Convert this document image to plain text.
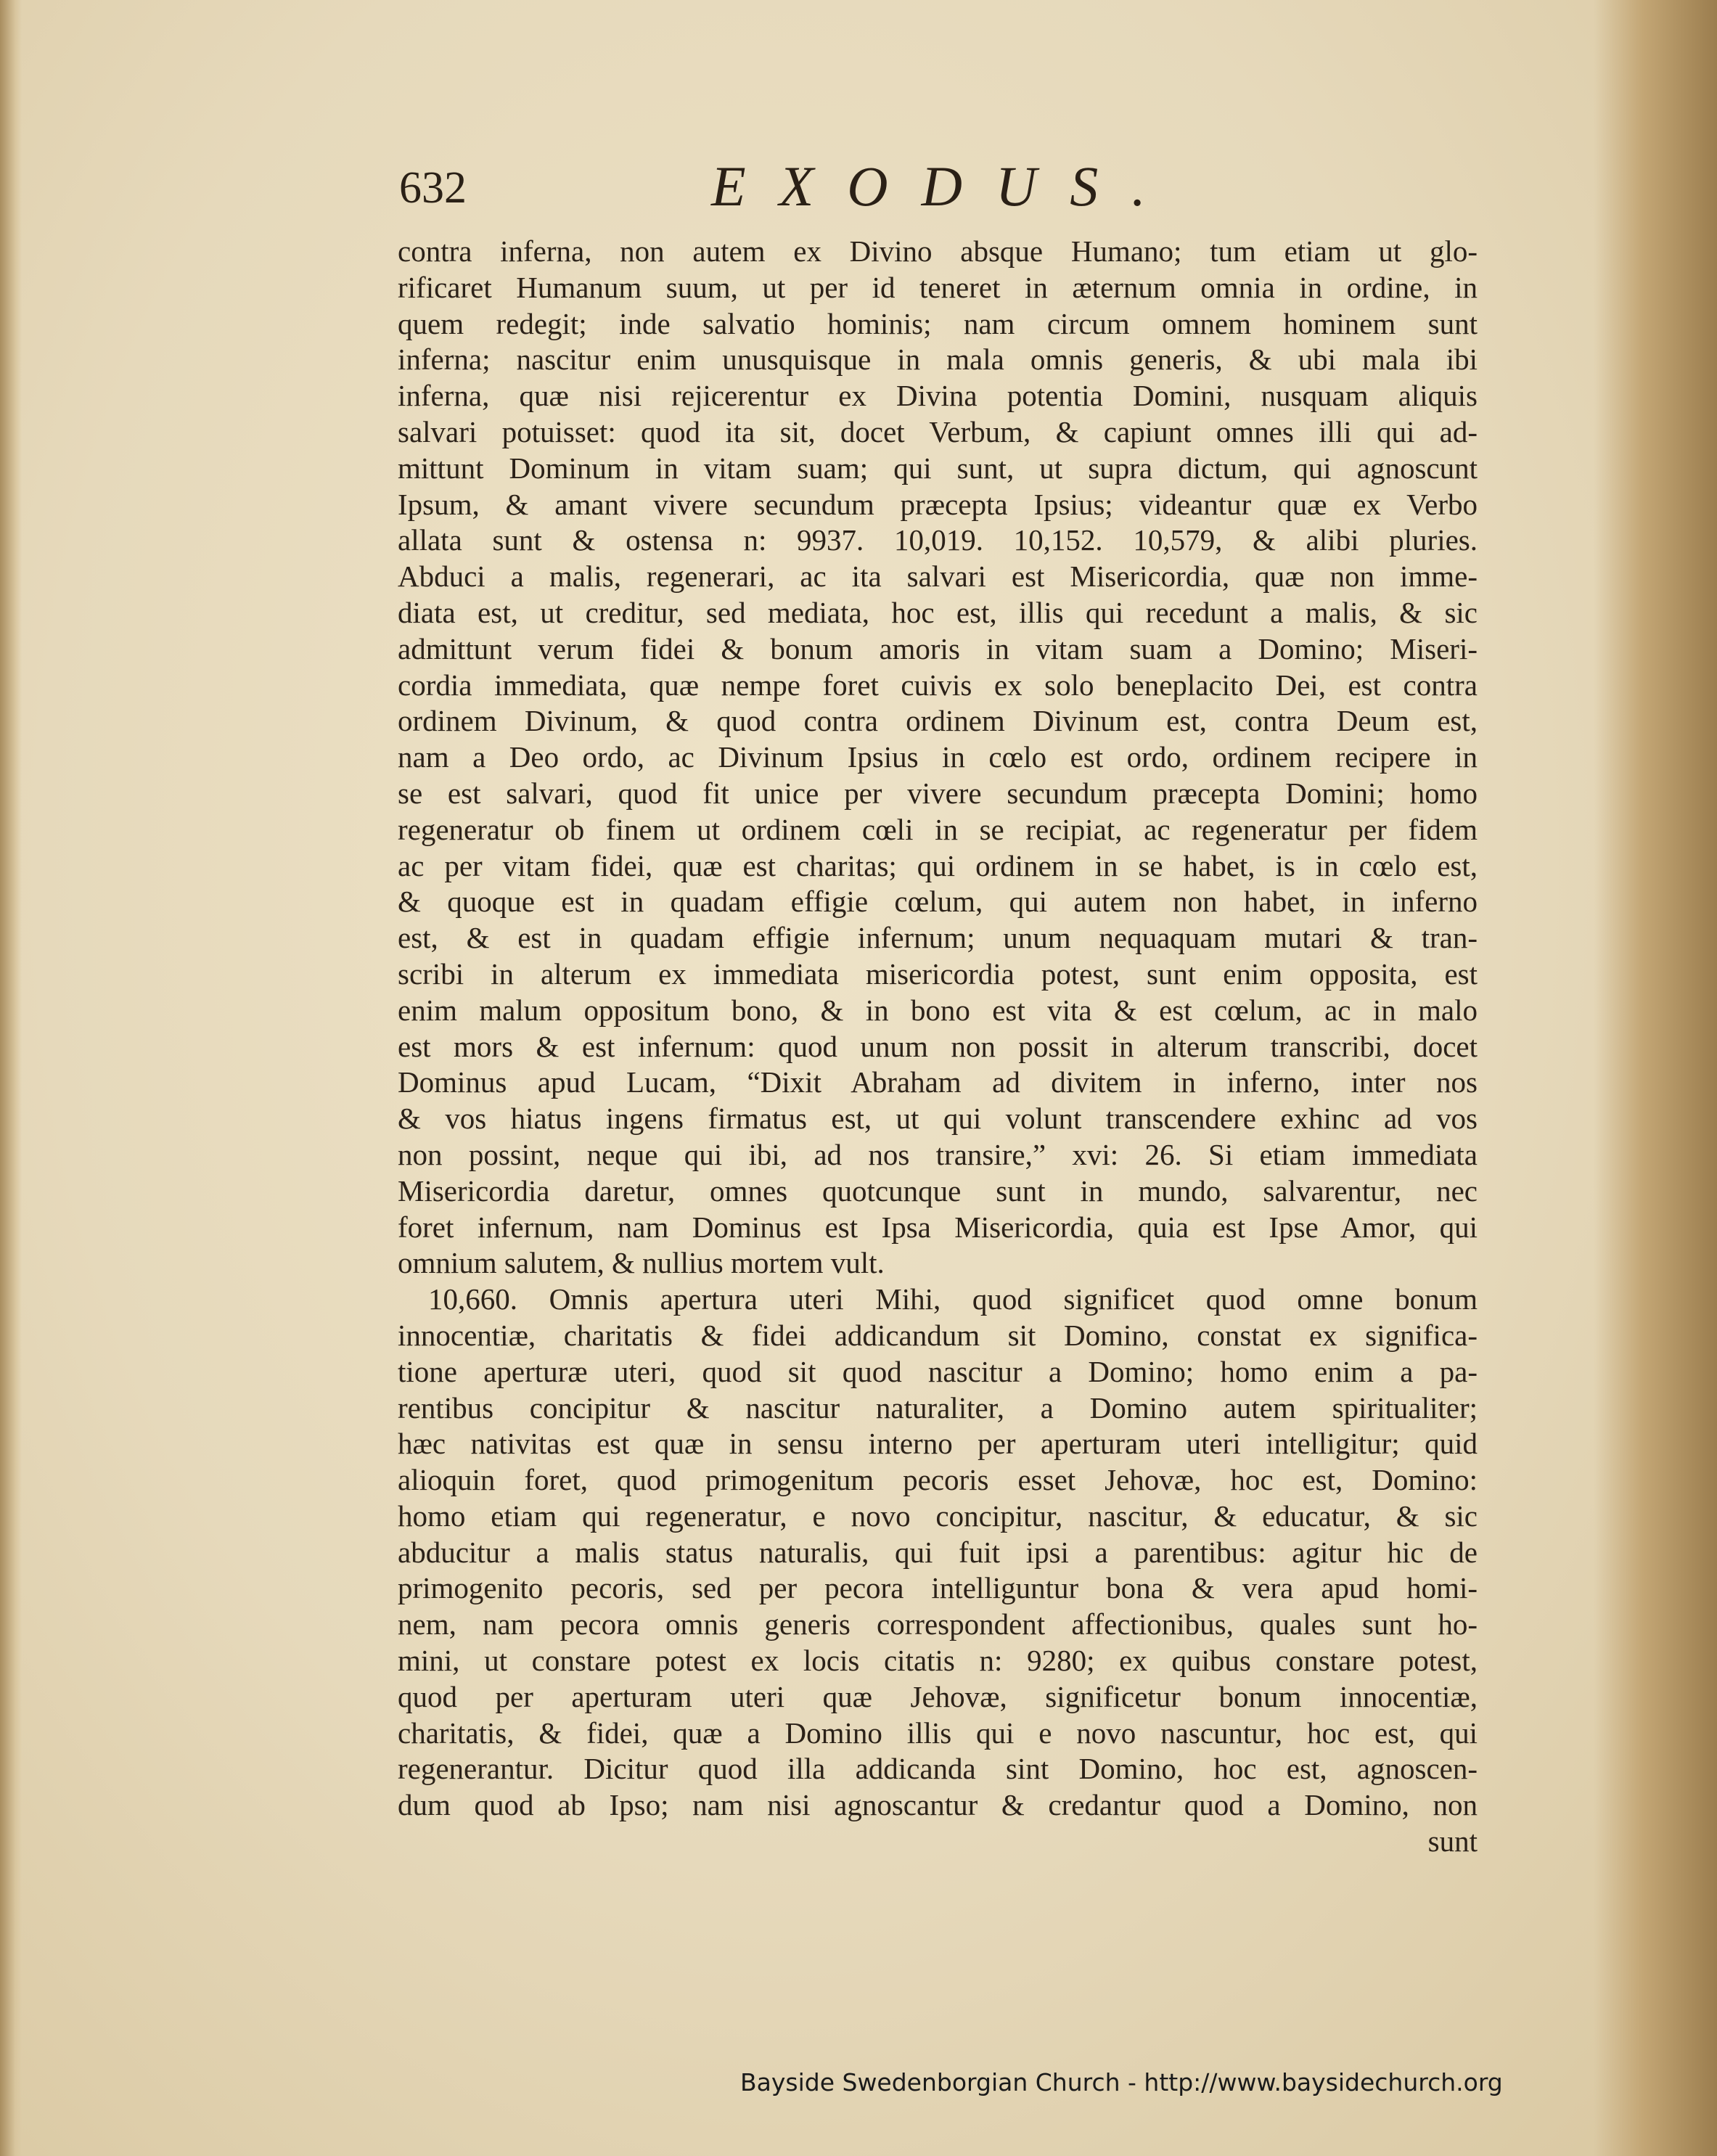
632	EXODUS.
contra inferna, non autem ex Divino absque Humano; tum etiam ut glo-
rificaret Humanum suum, ut per id teneret in æternum omnia in ordine, in
quem redegit; inde salvatio hominis; nam circum omnem hominem sunt
inferna; nascitur enim unusquisque in mala omnis generis, & ubi mala ibi
inferna, quæ nisi rejicerentur ex Divina potentia Domini, nusquam aliquis
salvari potuisset: quod ita sit, docet Verbum, & capiunt omnes illi qui ad-
mittunt Dominum in vitam suam; qui sunt, ut supra dictum, qui agnoscunt
Ipsum, & amant vivere secundum præcepta Ipsius; videantur quæ ex Verbo
allata sunt & ostensa n: 9937. 10,019. 10,152. 10,579, & alibi pluries.
Abduci a malis, regenerari, ac ita salvari est Misericordia, quæ non imme-
diata est, ut creditur, sed mediata, hoc est, illis qui recedunt a malis, & sic
admittunt verum fidei & bonum amoris in vitam suam a Domino; Miseri-
cordia immediata, quæ nempe foret cuivis ex solo beneplacito Dei, est contra
ordinem Divinum, & quod contra ordinem Divinum est, contra Deum est,
nam a Deo ordo, ac Divinum Ipsius in cœlo est ordo, ordinem recipere in
se est salvari, quod fit unice per vivere secundum præcepta Domini; homo
regeneratur ob finem ut ordinem cœli in se recipiat, ac regeneratur per fidem
ac per vitam fidei, quæ est charitas; qui ordinem in se habet, is in cœlo est,
& quoque est in quadam effigie cœlum, qui autem non habet, in inferno
est, & est in quadam effigie infernum; unum nequaquam mutari & tran-
scribi in alterum ex immediata misericordia potest, sunt enim opposita, est
enim malum oppositum bono, & in bono est vita & est cœlum, ac in malo
est mors & est infernum: quod unum non possit in alterum transcribi, docet
Dominus apud Lucam, “Dixit Abraham ad divitem in inferno, inter nos
& vos hiatus ingens firmatus est, ut qui volunt transcendere exhinc ad vos
non possint, neque qui ibi, ad nos transire,” xvi: 26. Si etiam immediata
Misericordia daretur, omnes quotcunque sunt in mundo, salvarentur, nec
foret infernum, nam Dominus est Ipsa Misericordia, quia est Ipse Amor, qui
omnium salutem, & nullius mortem vult.
10,660. Omnis apertura uteri Mihi, quod significet quod omne bonum
innocentiæ, charitatis & fidei addicandum sit Domino, constat ex significa-
tione aperturæ uteri, quod sit quod nascitur a Domino; homo enim a pa-
rentibus concipitur & nascitur naturaliter, a Domino autem spiritualiter;
hæc nativitas est quæ in sensu interno per aperturam uteri intelligitur; quid
alioquin foret, quod primogenitum pecoris esset Jehovæ, hoc est, Domino:
homo etiam qui regeneratur, e novo concipitur, nascitur, & educatur, & sic
abducitur a malis status naturalis, qui fuit ipsi a parentibus: agitur hic de
primogenito pecoris, sed per pecora intelliguntur bona & vera apud homi-
nem, nam pecora omnis generis correspondent affectionibus, quales sunt ho-
mini, ut constare potest ex locis citatis n: 9280; ex quibus constare potest,
quod per aperturam uteri quæ Jehovæ, significetur bonum innocentiæ,
charitatis, & fidei, quæ a Domino illis qui e novo nascuntur, hoc est, qui
regenerantur. Dicitur quod illa addicanda sint Domino, hoc est, agnoscen-
dum quod ab Ipso; nam nisi agnoscantur & credantur quod a Domino, non
sunt
Bayside Swedenborgian Church - http://www.baysidechurch.org
